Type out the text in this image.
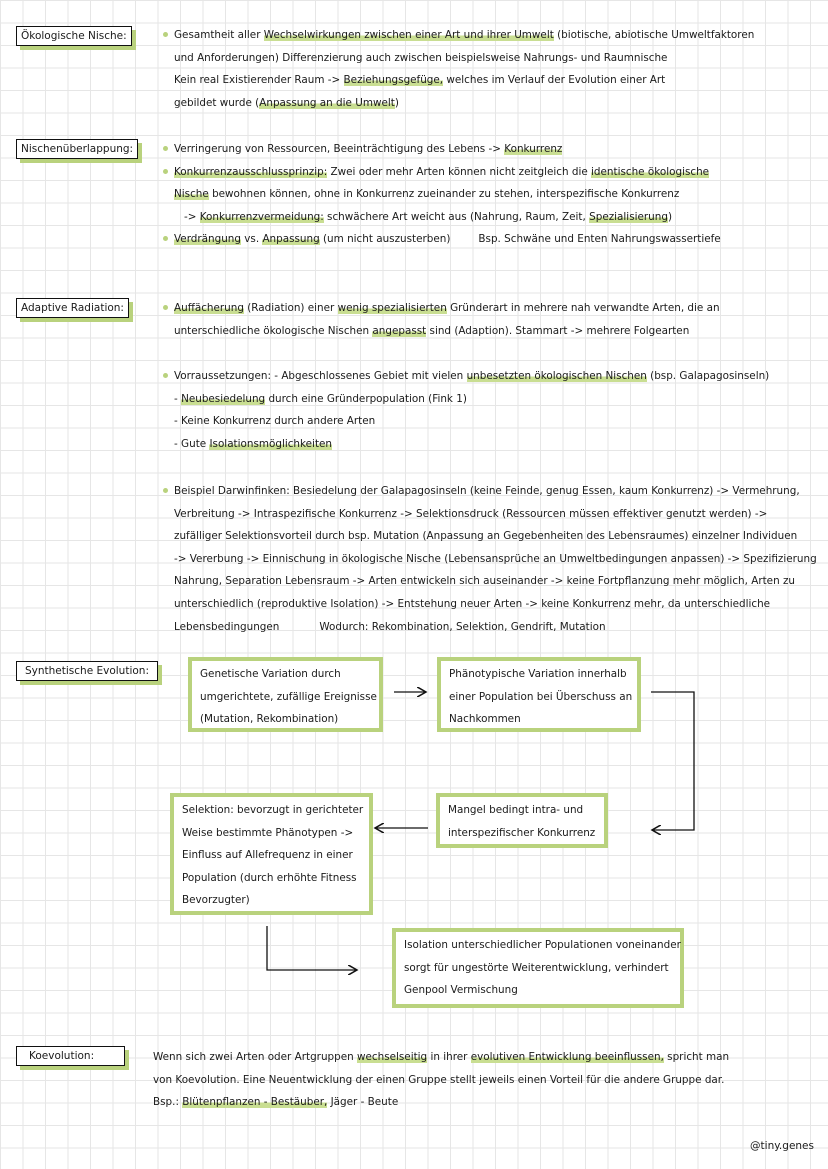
Ökologische Nische:
Nischenüberlappung:
Adaptive Radiation:
Synthetische Evolution:
Koevolution:

Gesamtheit aller Wechselwirkungen zwischen einer Art und ihrer Umwelt (biotische, abiotische Umweltfaktoren

und Anforderungen) Differenzierung auch zwischen beispielsweise Nahrungs- und Raumnische

Kein real Existierender Raum -> Beziehungsgefüge, welches im Verlauf der Evolution einer Art

gebildet wurde (Anpassung an die Umwelt)

Verringerung von Ressourcen, Beeinträchtigung des Lebens -> Konkurrenz

Konkurrenzausschlussprinzip: Zwei oder mehr Arten können nicht zeitgleich die identische ökologische

Nische bewohnen können, ohne in Konkurrenz zueinander zu stehen, interspezifische Konkurrenz

-> Konkurrenzvermeidung: schwächere Art weicht aus (Nahrung, Raum, Zeit, Spezialisierung)

Verdrängung vs. Anpassung (um nicht auszusterben)	Bsp. Schwäne und Enten Nahrungswassertiefe

Auffächerung (Radiation) einer wenig spezialisierten Gründerart in mehrere nah verwandte Arten, die an

unterschiedliche ökologische Nischen angepasst sind (Adaption). Stammart -> mehrere Folgearten

Vorraussetzungen: - Abgeschlossenes Gebiet mit vielen unbesetzten ökologischen Nischen (bsp. Galapagosinseln)

- Neubesiedelung durch eine Gründerpopulation (Fink 1)

- Keine Konkurrenz durch andere Arten

- Gute Isolationsmöglichkeiten

Beispiel Darwinfinken: Besiedelung der Galapagosinseln (keine Feinde, genug Essen, kaum Konkurrenz) -> Vermehrung,

Verbreitung -> Intraspezifische Konkurrenz -> Selektionsdruck (Ressourcen müssen effektiver genutzt werden) ->

zufälliger Selektionsvorteil durch bsp. Mutation (Anpassung an Gegebenheiten des Lebensraumes) einzelner Individuen

-> Vererbung -> Einnischung in ökologische Nische (Lebensansprüche an Umweltbedingungen anpassen) -> Spezifizierung

Nahrung, Separation Lebensraum -> Arten entwickeln sich auseinander -> keine Fortpflanzung mehr möglich, Arten zu

unterschiedlich (reproduktive Isolation) -> Entstehung neuer Arten -> keine Konkurrenz mehr, da unterschiedliche

Lebensbedingungen	Wodurch: Rekombination, Selektion, Gendrift, Mutation

Genetische Variation durch
umgerichtete, zufällige Ereignisse
(Mutation, Rekombination)
Phänotypische Variation innerhalb
einer Population bei Überschuss an
Nachkommen
Mangel bedingt intra- und
interspezifischer Konkurrenz
Selektion: bevorzugt in gerichteter
Weise bestimmte Phänotypen ->
Einfluss auf Allefrequenz in einer
Population (durch erhöhte Fitness
Bevorzugter)
Isolation unterschiedlicher Populationen voneinander
sorgt für ungestörte Weiterentwicklung, verhindert
Genpool Vermischung

Wenn sich zwei Arten oder Artgruppen wechselseitig in ihrer evolutiven Entwicklung beeinflussen, spricht man

von Koevolution. Eine Neuentwicklung der einen Gruppe stellt jeweils einen Vorteil für die andere Gruppe dar.

Bsp.: Blütenpflanzen - Bestäuber, Jäger - Beute

@tiny.genes
